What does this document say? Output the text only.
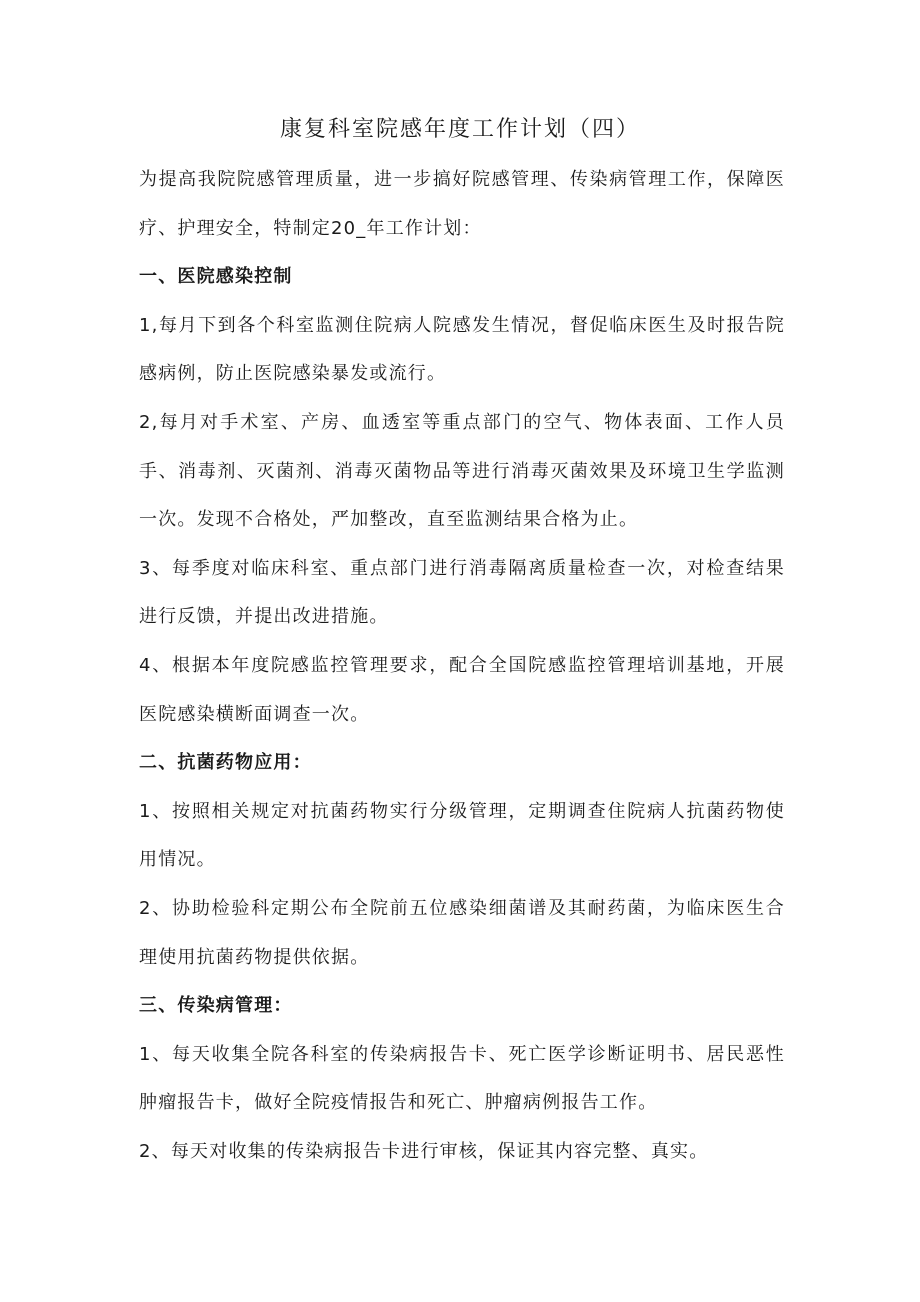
康复科室院感年度工作计划（四）

为提高我院院感管理质量，进一步搞好院感管理、传染病管理工作，保障医疗、护理安全，特制定20_年工作计划：

一、医院感染控制

1,每月下到各个科室监测住院病人院感发生情况，督促临床医生及时报告院感病例，防止医院感染暴发或流行。

2,每月对手术室、产房、血透室等重点部门的空气、物体表面、工作人员手、消毒剂、灭菌剂、消毒灭菌物品等进行消毒灭菌效果及环境卫生学监测一次。发现不合格处，严加整改，直至监测结果合格为止。

3、每季度对临床科室、重点部门进行消毒隔离质量检查一次，对检查结果进行反馈，并提出改进措施。

4、根据本年度院感监控管理要求，配合全国院感监控管理培训基地，开展医院感染横断面调查一次。

二、抗菌药物应用：

1、按照相关规定对抗菌药物实行分级管理，定期调查住院病人抗菌药物使用情况。

2、协助检验科定期公布全院前五位感染细菌谱及其耐药菌，为临床医生合理使用抗菌药物提供依据。

三、传染病管理：

1、每天收集全院各科室的传染病报告卡、死亡医学诊断证明书、居民恶性肿瘤报告卡，做好全院疫情报告和死亡、肿瘤病例报告工作。

2、每天对收集的传染病报告卡进行审核，保证其内容完整、真实。
